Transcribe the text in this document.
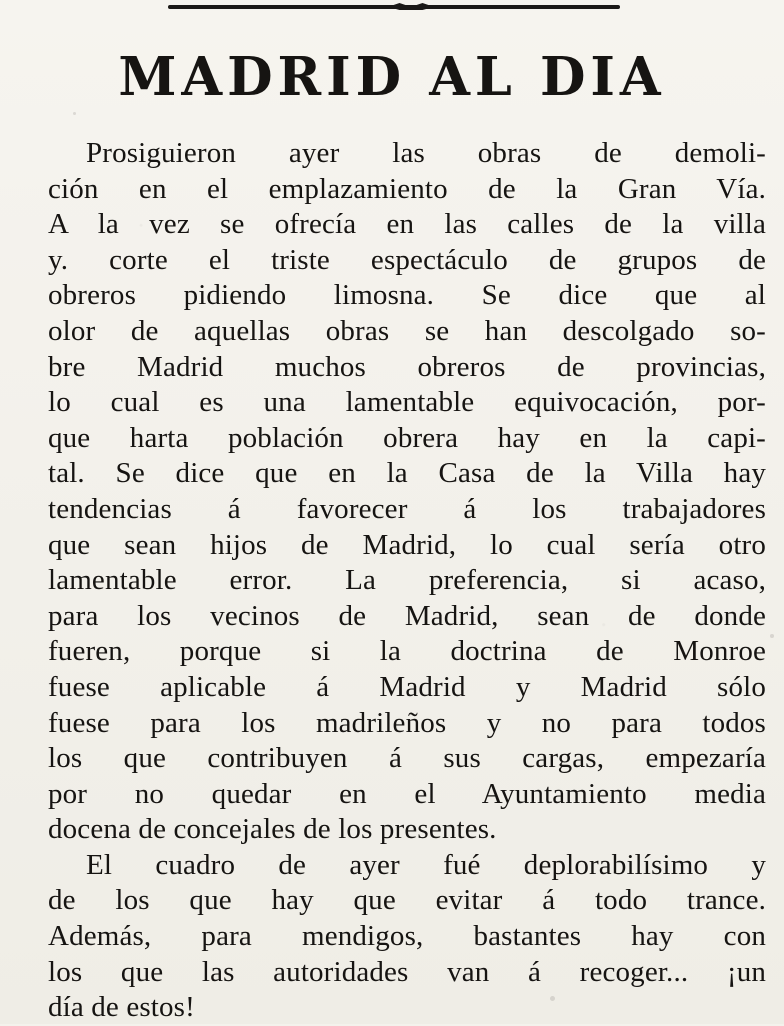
MADRID AL DIA
Prosiguieron ayer las obras de demoli-
ción en el emplazamiento de la Gran Vía.
A la vez se ofrecía en las calles de la villa
y. corte el triste espectáculo de grupos de
obreros pidiendo limosna. Se dice que al
olor de aquellas obras se han descolgado so-
bre Madrid muchos obreros de provincias,
lo cual es una lamentable equivocación, por-
que harta población obrera hay en la capi-
tal. Se dice que en la Casa de la Villa hay
tendencias á favorecer á los trabajadores
que sean hijos de Madrid, lo cual sería otro
lamentable error. La preferencia, si acaso,
para los vecinos de Madrid, sean de donde
fueren, porque si la doctrina de Monroe
fuese aplicable á Madrid y Madrid sólo
fuese para los madrileños y no para todos
los que contribuyen á sus cargas, empezaría
por no quedar en el Ayuntamiento media
docena de concejales de los presentes.
El cuadro de ayer fué deplorabilísimo y
de los que hay que evitar á todo trance.
Además, para mendigos, bastantes hay con
los que las autoridades van á recoger... ¡un
día de estos!
